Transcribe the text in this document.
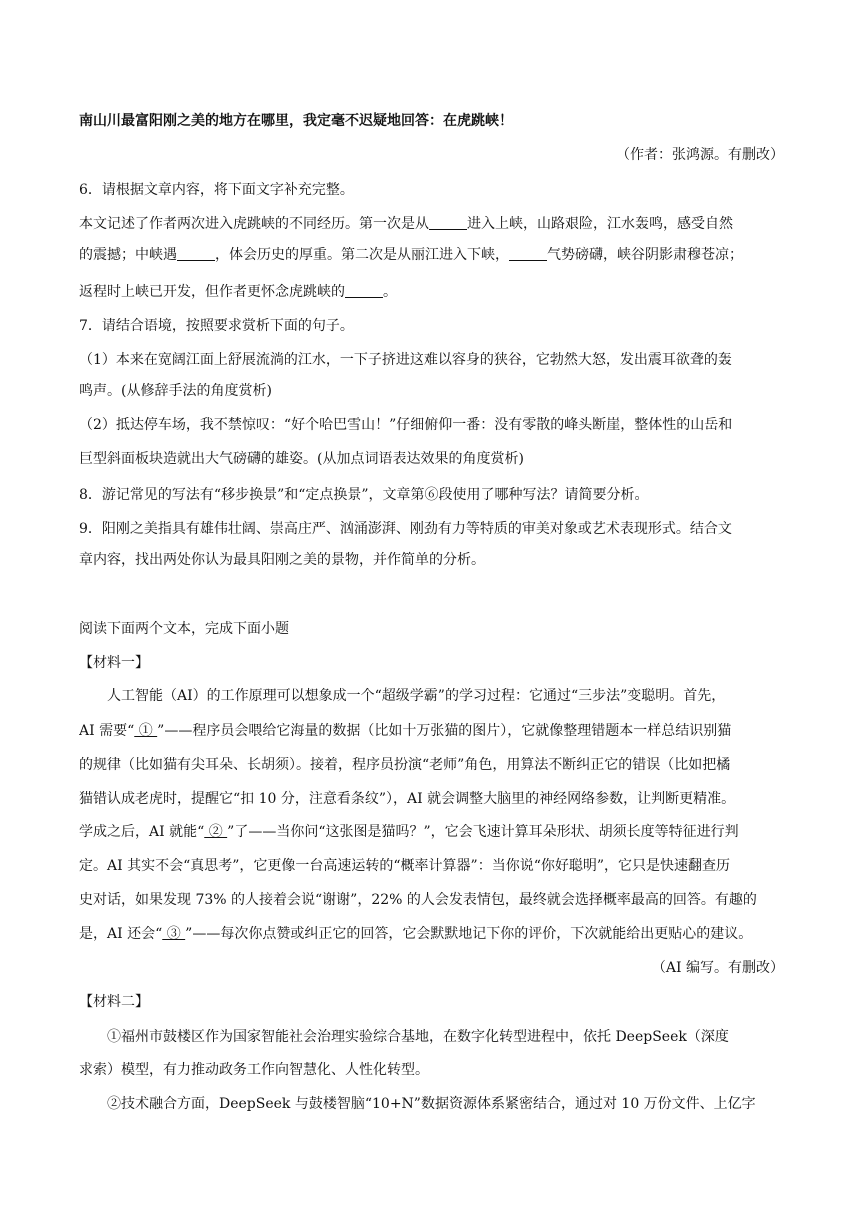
南山川最富阳刚之美的地方在哪里，我定毫不迟疑地回答：在虎跳峡！
（作者：张鸿源。有删改）
6．请根据文章内容，将下面文字补充完整。
本文记述了作者两次进入虎跳峡的不同经历。第一次是从	进入上峡，山路艰险，江水轰鸣，感受自然
的震撼；中峡遇	，体会历史的厚重。第二次是从丽江进入下峡，	气势磅礴，峡谷阴影肃穆苍凉；
返程时上峡已开发，但作者更怀念虎跳峡的	。
7．请结合语境，按照要求赏析下面的句子。
（1）本来在宽阔江面上舒展流淌的江水，一下子挤进这难以容身的狭谷，它勃然大怒，发出震耳欲聋的轰
鸣声。(从修辞手法的角度赏析)
（2）抵达停车场，我不禁惊叹：“好个哈巴雪山！”仔细俯仰一番：没有零散的峰头断崖，整体性的山岳和
巨型斜面板块造就出大气磅礴的雄姿。(从加点词语表达效果的角度赏析)
8．游记常见的写法有“移步换景”和“定点换景”，文章第⑥段使用了哪种写法？请简要分析。
9．阳刚之美指具有雄伟壮阔、崇高庄严、汹涌澎湃、刚劲有力等特质的审美对象或艺术表现形式。结合文
章内容，找出两处你认为最具阳刚之美的景物，并作简单的分析。
阅读下面两个文本，完成下面小题
【材料一】
人工智能（AI）的工作原理可以想象成一个“超级学霸”的学习过程：它通过“三步法”变聪明。首先，
AI 需要“ ① ”——程序员会喂给它海量的数据（比如十万张猫的图片），它就像整理错题本一样总结识别猫
的规律（比如猫有尖耳朵、长胡须）。接着，程序员扮演“老师”角色，用算法不断纠正它的错误（比如把橘
猫错认成老虎时，提醒它“扣 10 分，注意看条纹”），AI 就会调整大脑里的神经网络参数，让判断更精准。
学成之后，AI 就能“ ② ”了——当你问“这张图是猫吗？”，它会飞速计算耳朵形状、胡须长度等特征进行判
定。AI 其实不会“真思考”，它更像一台高速运转的“概率计算器”：当你说“你好聪明”，它只是快速翻查历
史对话，如果发现 73% 的人接着会说“谢谢”，22% 的人会发表情包，最终就会选择概率最高的回答。有趣的
是，AI 还会“ ③ ”——每次你点赞或纠正它的回答，它会默默地记下你的评价，下次就能给出更贴心的建议。
（AI 编写。有删改）
【材料二】
①福州市鼓楼区作为国家智能社会治理实验综合基地，在数字化转型进程中，依托 DeepSeek（深度
求索）模型，有力推动政务工作向智慧化、人性化转型。
②技术融合方面，DeepSeek 与鼓楼智脑“10+N”数据资源体系紧密结合，通过对 10 万份文件、上亿字
